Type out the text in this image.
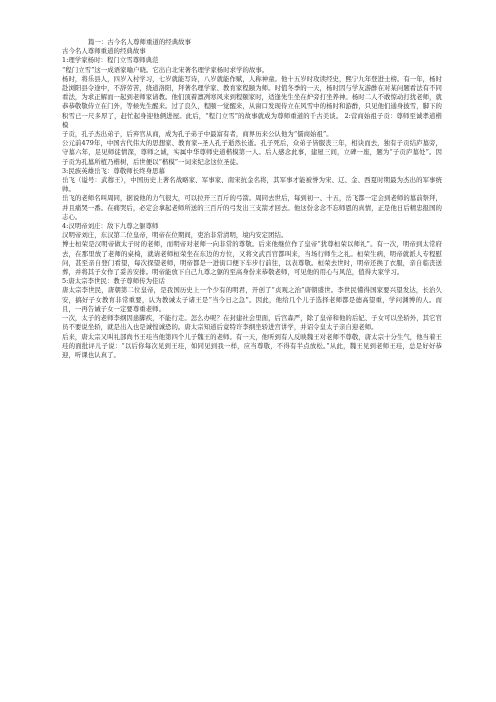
篇一：古今名人尊师重道的经典故事

古今名人尊师重道的经典故事

1:理学家杨时：程门立雪尊师典范

“程门立雪”这一成语家喻户晓。它出自北宋著名理学家杨时求学的故事。

杨时，将乐县人，四岁入村学习，七岁就能写诗，八岁就能作赋，人称神童。他十五岁时攻读经史，熙宁九年登进士榜。有一年，杨时赴浏阳县令途中，不辞劳苦，绕道洛阳，拜著名理学家、教育家程颐为师。时值冬季的一天，杨时因与学友游酢在对某问题看法有不同看法，为求正解而一起到老师家请教。他们顶着凛冽寒风来到程颐家时，适逢先生坐在炉旁打坐养神。杨时二人不敢惊动打扰老师，就恭恭敬敬侍立在门外，等候先生醒来。过了良久，程颐一觉醒来，从窗口发现侍立在风雪中的杨时和游酢，只见他们通身披雪，脚下的积雪已一尺多厚了，赶忙起身迎他俩进屋。此后，“程门立雪”的故事就成为尊师重道的千古美谈。 2:营商始祖子贡：尊师至诚孝道楷模

子贡，孔子杰出弟子，后弃官从商，成为孔子弟子中最富有者，商界历来公认他为“儒商始祖”。

公元前479年，中国古代伟大的思想家、教育家--圣人孔子逝然长逝。孔子死后，众弟子皆服丧三年，相诀而去，独有子贡结庐墓旁，守墓六年，足见师徒情深，尊师之诚，实属中华尊师史道楷模第一人。后人感念此事，建屋三间，立碑一座，题为“子贡庐墓处”。因子贡为孔墓所植乃楷树，后世便以“楷模”一词来纪念这位圣徒。

3:民族英雄岳飞：尊敬师长终身思慕

岳飞（谥号：武穆王），中国历史上著名战略家、军事家、南宋抗金名将，其军事才能被誉为宋、辽、金、西夏时期最为杰出的军事统帅。

岳飞的老师名叫周同，据说他的力气很大，可以拉开三百斤的弓箭。周同去世后，每到初一、十五，岳飞都一定会到老师的墓前祭拜，并且痛哭一番。在痛哭后，必定会拿起老师所送的三百斤的弓发出三支箭才回去。他这份念念不忘师恩的真情，正是他日后精忠报国的志心。

4:汉明帝刘庄：敌下九尊之躯尊师

汉明帝刘庄，东汉第二位皇帝，明帝在位期间，吏治非常清明，境内安定团结。

博士桓荣是汉明帝做太子时的老师，而明帝对老师一向非常的尊敬。后来他继位作了皇帝“犹尊桓荣以师礼”。有一次，明帝到太常府去，在那里放了老师的桌椅，就请老师桓荣坐在东边的方位，又将文武百官都叫来，当场行师生之礼。桓荣生病，明帝就派人专程慰问，甚至亲自登门看望，每次探望老师，明帝都是一进街口便下车步行前往，以表尊敬。桓荣去世时，明帝还换了衣服，亲自临丧送葬，并将其子女作了妥善安排。明帝能放下自己九尊之躯的至高身份来恭敬老师，可见他的用心与风范，值得大家学习。

5:唐太宗李世民：教子尊师传为佳话

唐太宗李世民，唐朝第二位皇帝，是我国历史上一个少有的明君，开创了“贞观之治”唐朝盛世。李世民懂得国家要兴望发达，长治久安，搞好子女教育非常重要，认为教诫太子诸王是“当今日之急”。因此，他给几个儿子选择老师都是德高望重，学问渊博的人。而且，一再告诫子女一定要尊重老师。

一次，太子的老师李纲因患脚疾，不能行走。怎么办呢？在封建社会里面，后宫森严，除了皇帝和他的后妃、子女可以坐轿外，其它官员不要说坐轿，就是出入也是诚惶诚恐的。唐太宗知道后竟特许李纲坐轿进宫讲学，并诏令皇太子亲自迎老师。

后来，唐太宗又叫礼部尚书王珪当他第四个儿子魏王的老师。有一天，他听到有人反映魏王对老师不尊敬，唐太宗十分生气，他当着王珪的面批评儿子说：“以后你每次见到王珪，如同见到我一样，应当尊敬，不得有半点放松。”从此，魏王见到老师王珪，总是好好恭迎，听课也认真了。
